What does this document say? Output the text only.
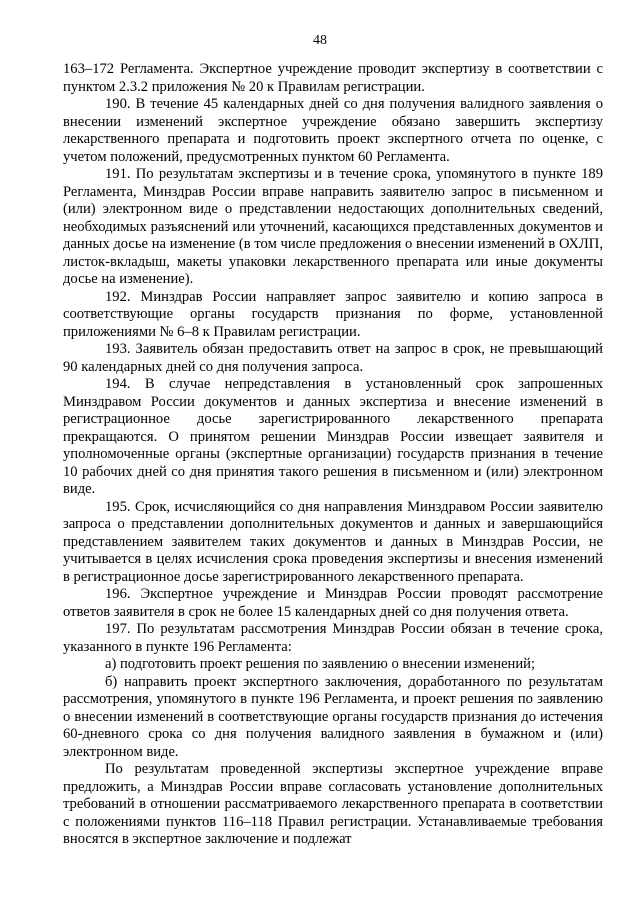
48

163–172 Регламента. Экспертное учреждение проводит экспертизу в соответствии с пунктом 2.3.2 приложения № 20 к Правилам регистрации.

190. В течение 45 календарных дней со дня получения валидного заявления о внесении изменений экспертное учреждение обязано завершить экспертизу лекарственного препарата и подготовить проект экспертного отчета по оценке, с учетом положений, предусмотренных пунктом 60 Регламента.

191. По результатам экспертизы и в течение срока, упомянутого в пункте 189 Регламента, Минздрав России вправе направить заявителю запрос в письменном и (или) электронном виде о представлении недостающих дополнительных сведений, необходимых разъяснений или уточнений, касающихся представленных документов и данных досье на изменение (в том числе предложения о внесении изменений в ОХЛП, листок-вкладыш, макеты упаковки лекарственного препарата или иные документы досье на изменение).

192. Минздрав России направляет запрос заявителю и копию запроса в соответствующие органы государств признания по форме, установленной приложениями № 6–8 к Правилам регистрации.

193. Заявитель обязан предоставить ответ на запрос в срок, не превышающий 90 календарных дней со дня получения запроса.

194. В случае непредставления в установленный срок запрошенных Минздравом России документов и данных экспертиза и внесение изменений в регистрационное досье зарегистрированного лекарственного препарата прекращаются. О принятом решении Минздрав России извещает заявителя и уполномоченные органы (экспертные организации) государств признания в течение 10 рабочих дней со дня принятия такого решения в письменном и (или) электронном виде.

195. Срок, исчисляющийся со дня направления Минздравом России заявителю запроса о представлении дополнительных документов и данных и завершающийся представлением заявителем таких документов и данных в Минздрав России, не учитывается в целях исчисления срока проведения экспертизы и внесения изменений в регистрационное досье зарегистрированного лекарственного препарата.

196. Экспертное учреждение и Минздрав России проводят рассмотрение ответов заявителя в срок не более 15 календарных дней со дня получения ответа.

197. По результатам рассмотрения Минздрав России обязан в течение срока, указанного в пункте 196 Регламента:

а) подготовить проект решения по заявлению о внесении изменений;

б) направить проект экспертного заключения, доработанного по результатам рассмотрения, упомянутого в пункте 196 Регламента, и проект решения по заявлению о внесении изменений в соответствующие органы государств признания до истечения 60-дневного срока со дня получения валидного заявления в бумажном и (или) электронном виде.

По результатам проведенной экспертизы экспертное учреждение вправе предложить, а Минздрав России вправе согласовать установление дополнительных требований в отношении рассматриваемого лекарственного препарата в соответствии с положениями пунктов 116–118 Правил регистрации. Устанавливаемые требования вносятся в экспертное заключение и подлежат
